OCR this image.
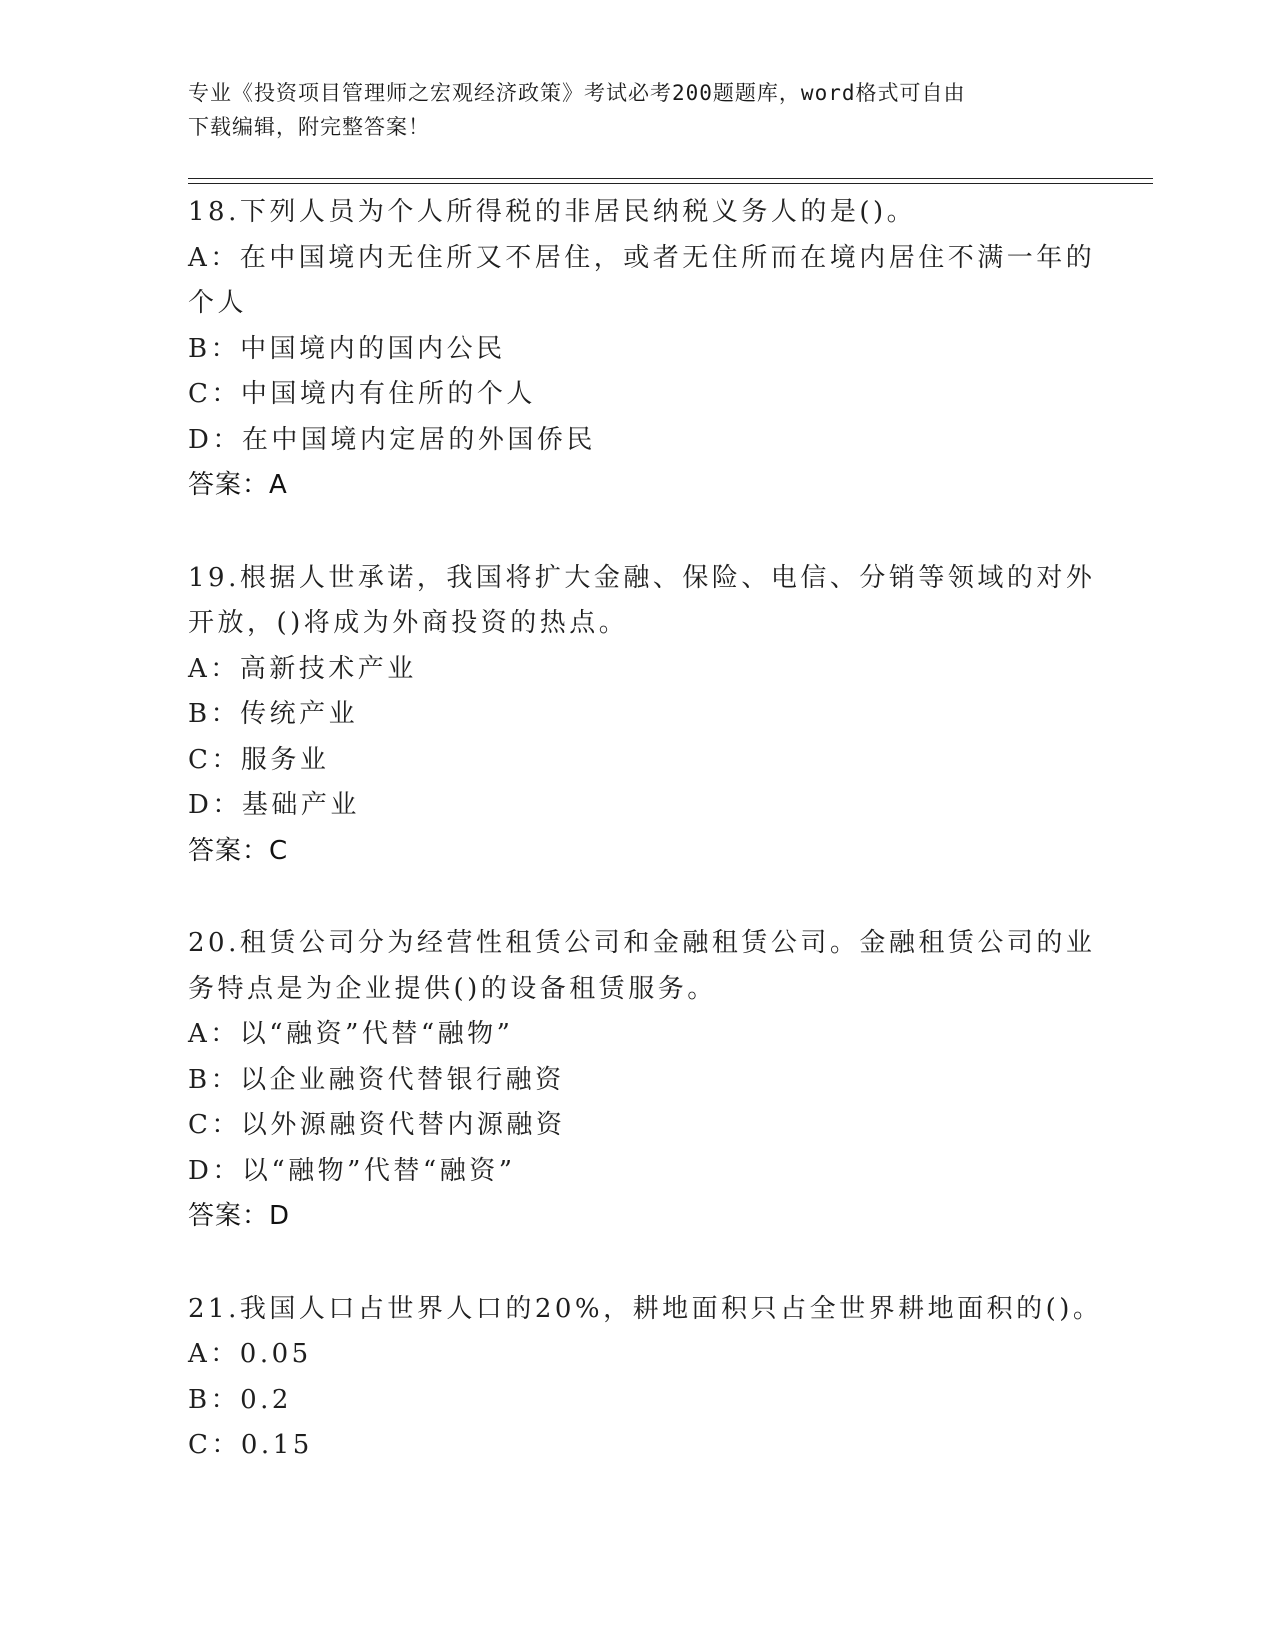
专业《投资项目管理师之宏观经济政策》考试必考200题题库，word格式可自由
下载编辑，附完整答案！
18.下列人员为个人所得税的非居民纳税义务人的是()。
A：在中国境内无住所又不居住，或者无住所而在境内居住不满一年的
个人
B：中国境内的国内公民
C：中国境内有住所的个人
D：在中国境内定居的外国侨民
答案：A
19.根据人世承诺，我国将扩大金融、保险、电信、分销等领域的对外
开放，()将成为外商投资的热点。
A：高新技术产业
B：传统产业
C：服务业
D：基础产业
答案：C
20.租赁公司分为经营性租赁公司和金融租赁公司。金融租赁公司的业
务特点是为企业提供()的设备租赁服务。
A：以“融资”代替“融物”
B：以企业融资代替银行融资
C：以外源融资代替内源融资
D：以“融物”代替“融资”
答案：D
21.我国人口占世界人口的20%，耕地面积只占全世界耕地面积的()。
A：0.05
B：0.2
C：0.15
